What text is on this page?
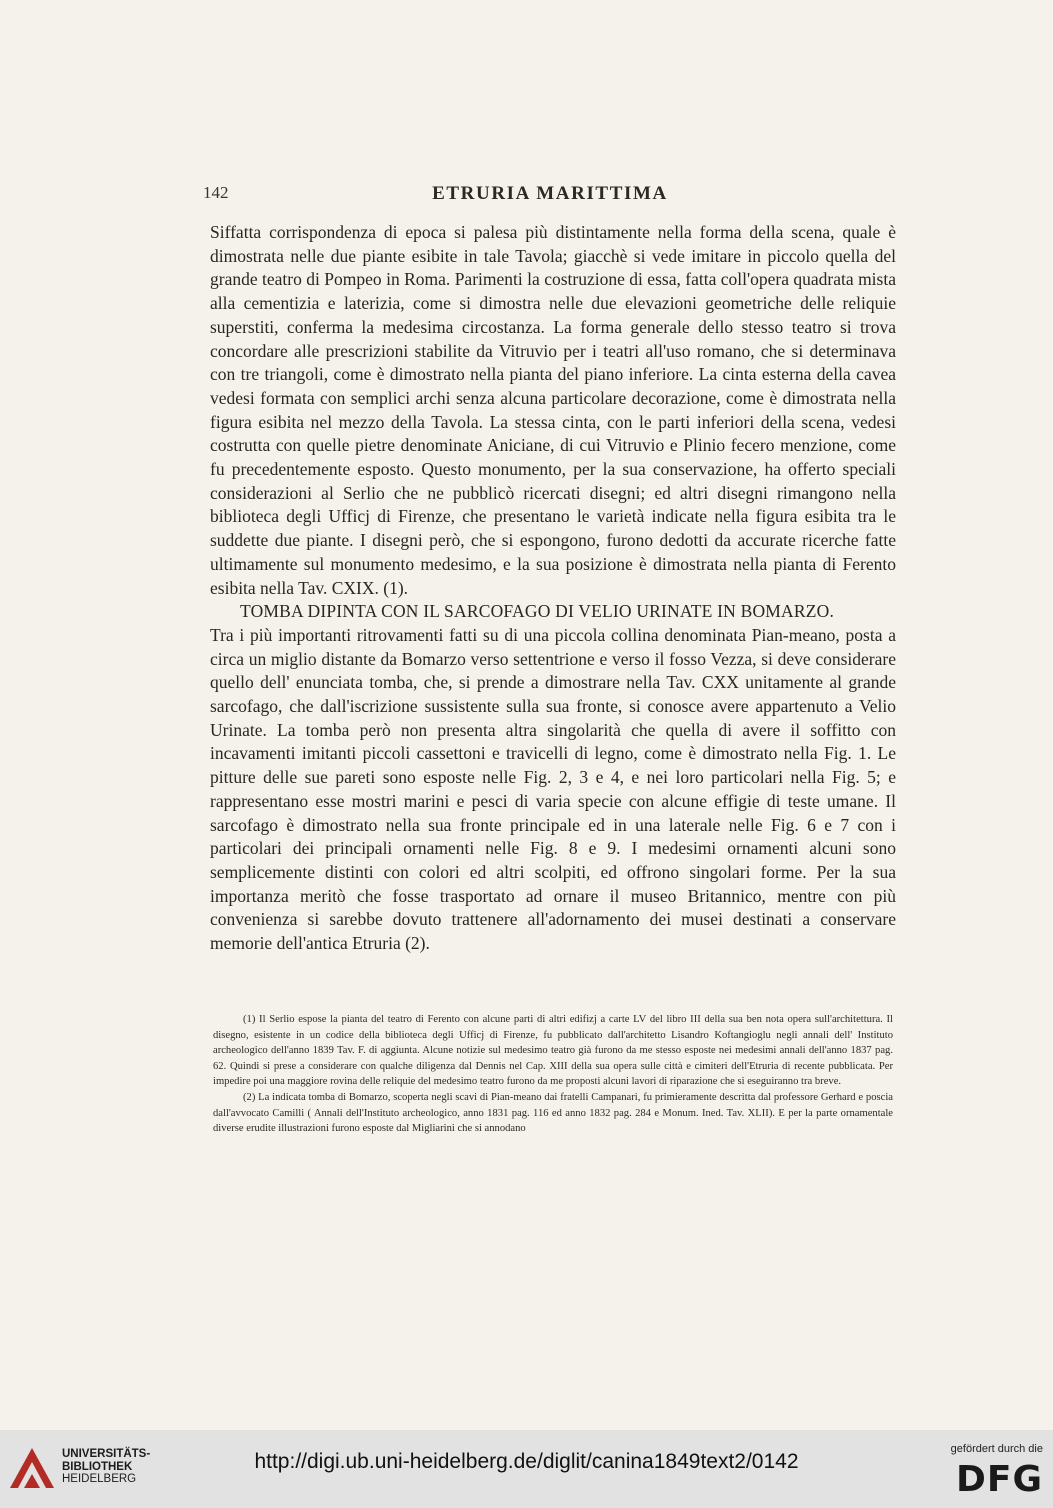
142	ETRURIA MARITTIMA

Siffatta corrispondenza di epoca si palesa più distintamente nella forma della scena, quale è dimostrata nelle due piante esibite in tale Tavola; giacchè si vede imitare in piccolo quella del grande teatro di Pompeo in Roma. Parimenti la costruzione di essa, fatta coll'opera quadrata mista alla cementizia e laterizia, come si dimostra nelle due elevazioni geometriche delle reliquie superstiti, conferma la medesima circostanza. La forma generale dello stesso teatro si trova concordare alle prescrizioni stabilite da Vitruvio per i teatri all'uso romano, che si determinava con tre triangoli, come è dimostrato nella pianta del piano inferiore. La cinta esterna della cavea vedesi formata con semplici archi senza alcuna particolare decorazione, come è dimostrata nella figura esibita nel mezzo della Tavola. La stessa cinta, con le parti inferiori della scena, vedesi costrutta con quelle pietre denominate Aniciane, di cui Vitruvio e Plinio fecero menzione, come fu precedentemente esposto. Questo monumento, per la sua conservazione, ha offerto speciali considerazioni al Serlio che ne pubblicò ricercati disegni; ed altri disegni rimangono nella biblioteca degli Ufficj di Firenze, che presentano le varietà indicate nella figura esibita tra le suddette due piante. I disegni però, che si espongono, furono dedotti da accurate ricerche fatte ultimamente sul monumento medesimo, e la sua posizione è dimostrata nella pianta di Ferento esibita nella Tav. CXIX. (1).

TOMBA DIPINTA CON IL SARCOFAGO DI VELIO URINATE IN BOMARZO.

Tra i più importanti ritrovamenti fatti su di una piccola collina denominata Pian-meano, posta a circa un miglio distante da Bomarzo verso settentrione e verso il fosso Vezza, si deve considerare quello dell' enunciata tomba, che, si prende a dimostrare nella Tav. CXX unitamente al grande sarcofago, che dall'iscrizione sussistente sulla sua fronte, si conosce avere appartenuto a Velio Urinate. La tomba però non presenta altra singolarità che quella di avere il soffitto con incavamenti imitanti piccoli cassettoni e travicelli di legno, come è dimostrato nella Fig. 1. Le pitture delle sue pareti sono esposte nelle Fig. 2, 3 e 4, e nei loro particolari nella Fig. 5; e rappresentano esse mostri marini e pesci di varia specie con alcune effigie di teste umane. Il sarcofago è dimostrato nella sua fronte principale ed in una laterale nelle Fig. 6 e 7 con i particolari dei principali ornamenti nelle Fig. 8 e 9. I medesimi ornamenti alcuni sono semplicemente distinti con colori ed altri scolpiti, ed offrono singolari forme. Per la sua importanza meritò che fosse trasportato ad ornare il museo Britannico, mentre con più convenienza si sarebbe dovuto trattenere all'adornamento dei musei destinati a conservare memorie dell'antica Etruria (2).

(1) Il Serlio espose la pianta del teatro di Ferento con alcune parti di altri edifizj a carte LV del libro III della sua ben nota opera sull'architettura. Il disegno, esistente in un codice della biblioteca degli Ufficj di Firenze, fu pubblicato dall'architetto Lisandro Koftangioglu negli annali dell' Instituto archeologico dell'anno 1839 Tav. F. di aggiunta. Alcune notizie sul medesimo teatro già furono da me stesso esposte nei medesimi annali dell'anno 1837 pag. 62. Quindi si prese a considerare con qualche diligenza dal Dennis nel Cap. XIII della sua opera sulle città e cimiteri dell'Etruria di recente pubblicata. Per impedire poi una maggiore rovina delle reliquie del medesimo teatro furono da me proposti alcuni lavori di riparazione che si eseguiranno tra breve.

(2) La indicata tomba di Bomarzo, scoperta negli scavi di Pian-meano dai fratelli Campanari, fu primieramente descritta dal professore Gerhard e poscia dall'avvocato Camilli ( Annali dell'Instituto archeologico, anno 1831 pag. 116 ed anno 1832 pag. 284 e Monum. Ined. Tav. XLII). E per la parte ornamentale diverse erudite illustrazioni furono esposte dal Migliarini che si annodano

UNIVERSITÄTS-
BIBLIOTHEK
HEIDELBERG
http://digi.ub.uni-heidelberg.de/diglit/canina1849text2/0142
gefördert durch die
DFG
